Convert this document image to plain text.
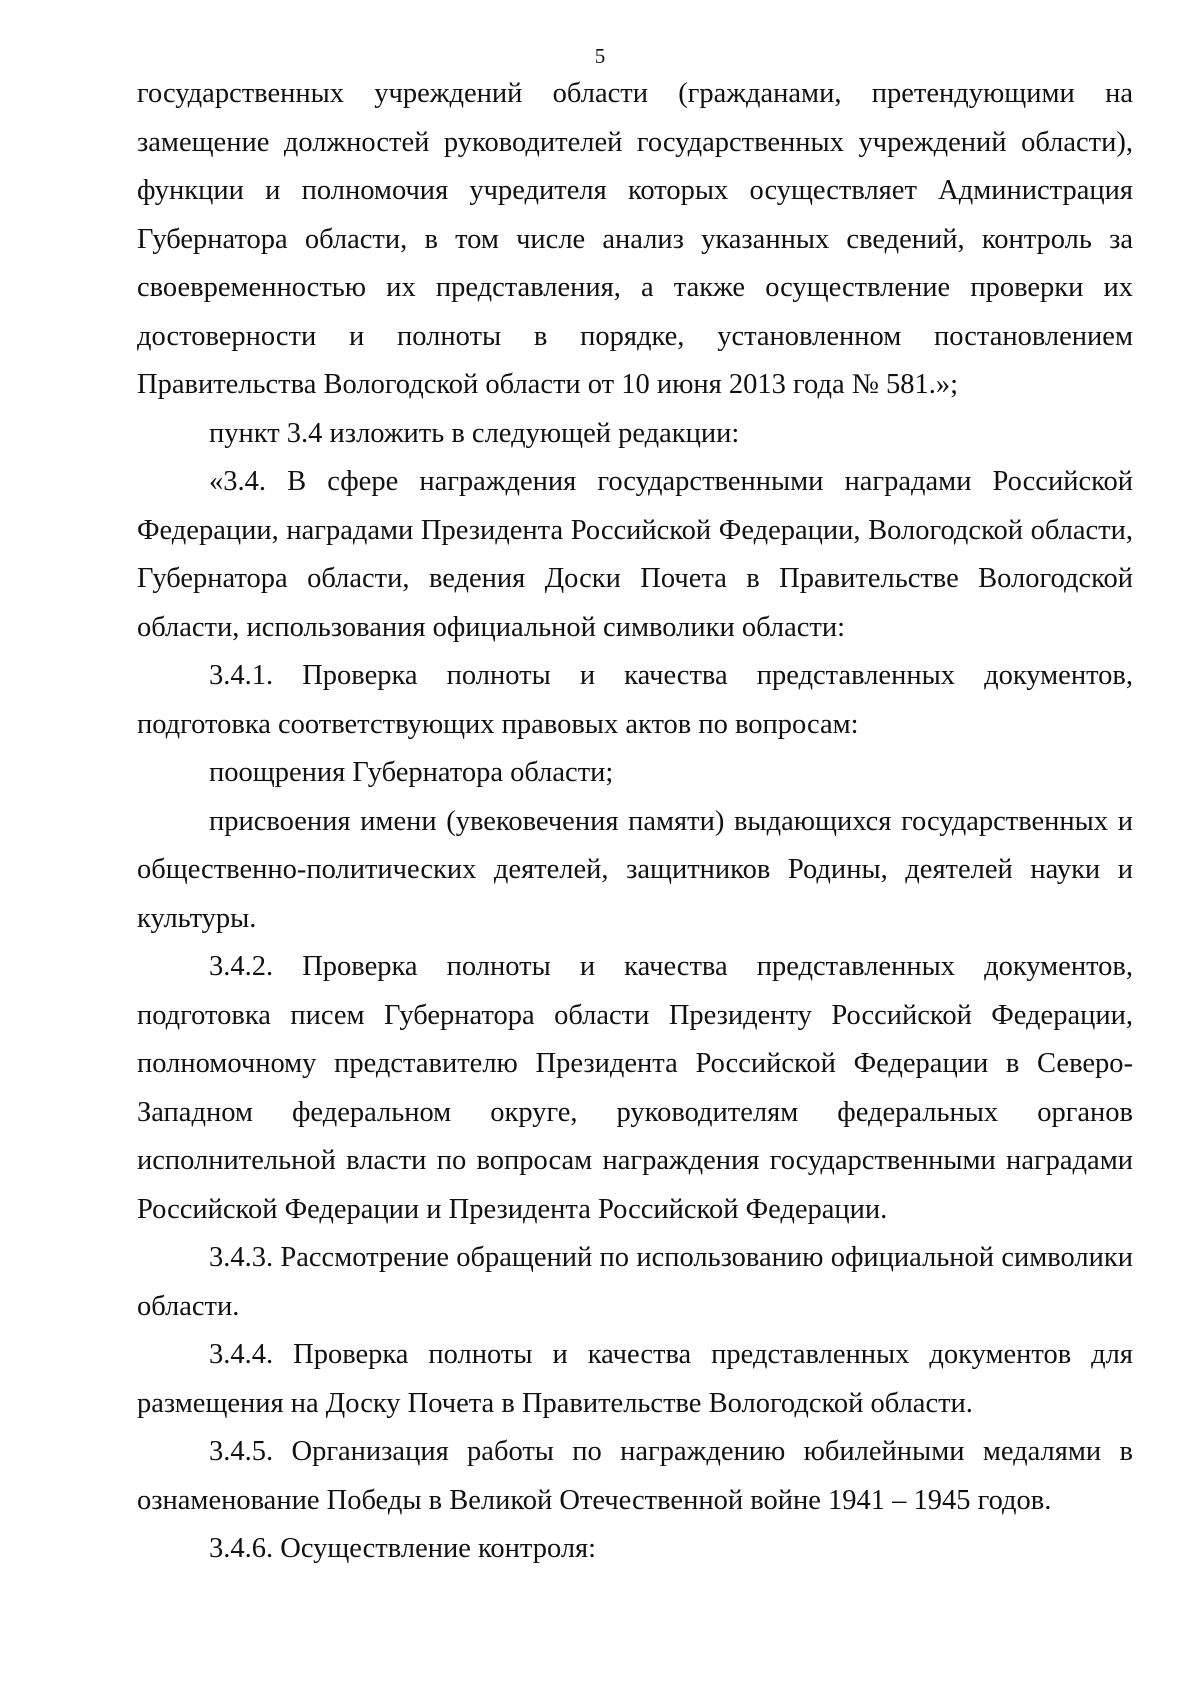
5

государственных учреждений области (гражданами, претендующими на замещение должностей руководителей государственных учреждений области), функции и полномочия учредителя которых осуществляет Администрация Губернатора области, в том числе анализ указанных сведений, контроль за своевременностью их представления, а также осуществление проверки их достоверности и полноты в порядке, установленном постановлением Правительства Вологодской области от 10 июня 2013 года № 581.»;

пункт 3.4 изложить в следующей редакции:

«3.4. В сфере награждения государственными наградами Российской Федерации, наградами Президента Российской Федерации, Вологодской области, Губернатора области, ведения Доски Почета в Правительстве Вологодской области, использования официальной символики области:

3.4.1. Проверка полноты и качества представленных документов, подготовка соответствующих правовых актов по вопросам:

поощрения Губернатора области;

присвоения имени (увековечения памяти) выдающихся государственных и общественно-политических деятелей, защитников Родины, деятелей науки и культуры.

3.4.2. Проверка полноты и качества представленных документов, подготовка писем Губернатора области Президенту Российской Федерации, полномочному представителю Президента Российской Федерации в Северо-Западном федеральном округе, руководителям федеральных органов исполнительной власти по вопросам награждения государственными наградами Российской Федерации и Президента Российской Федерации.

3.4.3. Рассмотрение обращений по использованию официальной символики области.

3.4.4. Проверка полноты и качества представленных документов для размещения на Доску Почета в Правительстве Вологодской области.

3.4.5. Организация работы по награждению юбилейными медалями в ознаменование Победы в Великой Отечественной войне 1941 – 1945 годов.

3.4.6. Осуществление контроля:
